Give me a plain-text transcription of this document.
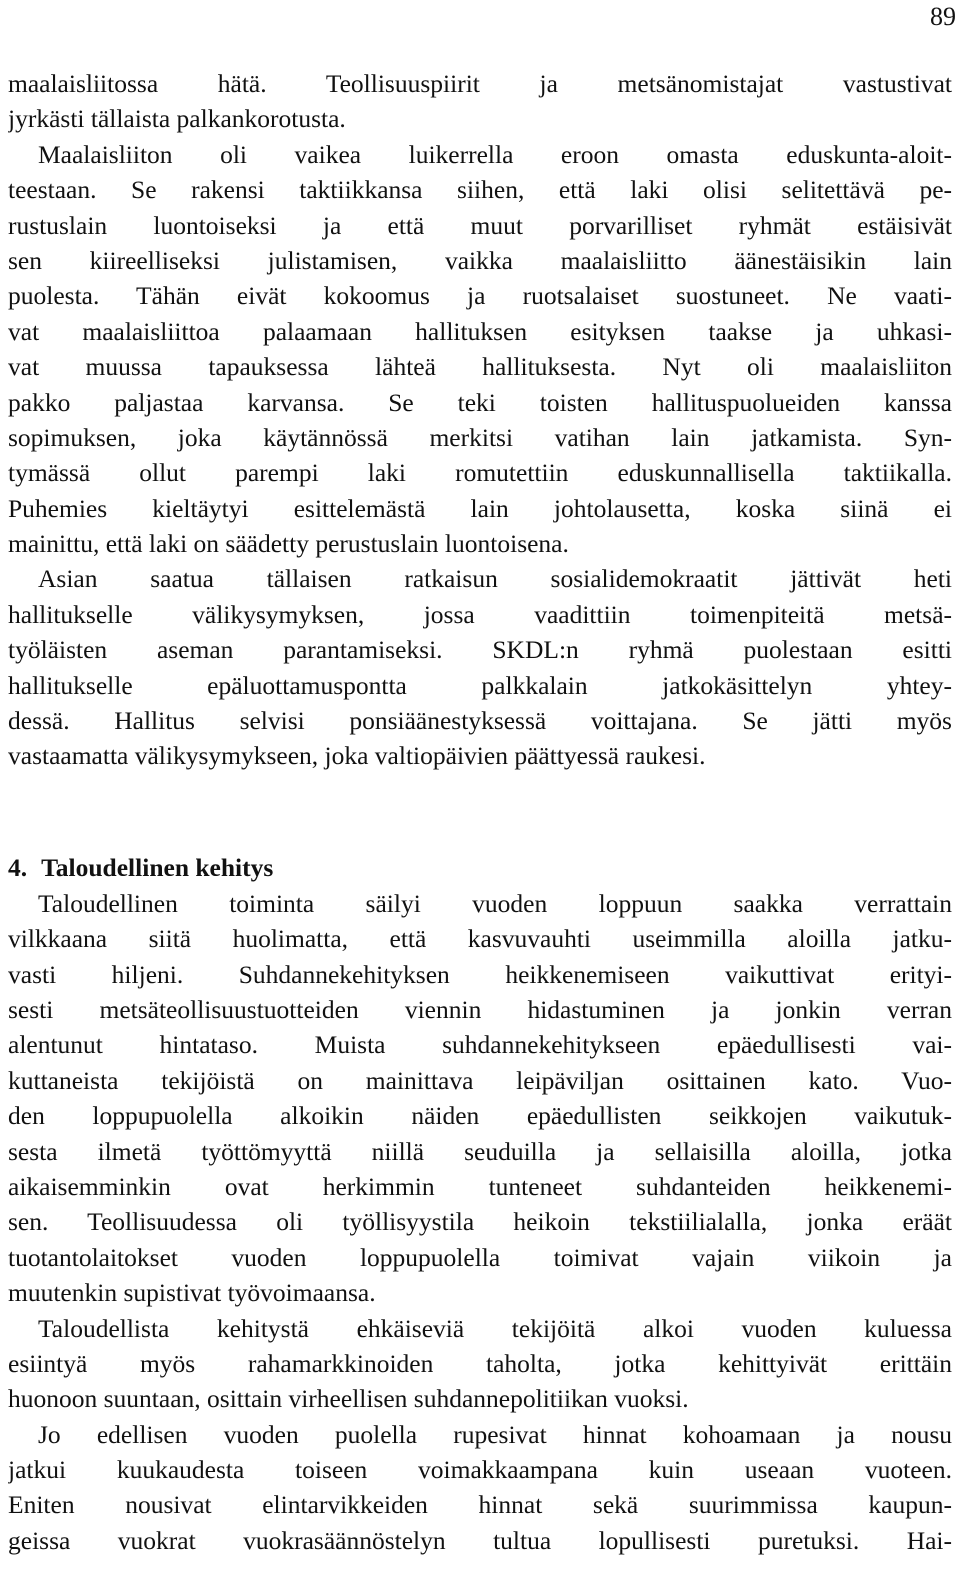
89
maalaisliitossa hätä. Teollisuuspiirit ja metsänomistajat vastustivat
jyrkästi tällaista palkankorotusta.
Maalaisliiton oli vaikea luikerrella eroon omasta eduskunta-aloit-
teestaan. Se rakensi taktiikkansa siihen, että laki olisi selitettävä pe-
rustuslain luontoiseksi ja että muut porvarilliset ryhmät estäisivät
sen kiireelliseksi julistamisen, vaikka maalaisliitto äänestäisikin lain
puolesta. Tähän eivät kokoomus ja ruotsalaiset suostuneet. Ne vaati-
vat maalaisliittoa palaamaan hallituksen esityksen taakse ja uhkasi-
vat muussa tapauksessa lähteä hallituksesta. Nyt oli maalaisliiton
pakko paljastaa karvansa. Se teki toisten hallituspuolueiden kanssa
sopimuksen, joka käytännössä merkitsi vatihan lain jatkamista. Syn-
tymässä ollut parempi laki romutettiin eduskunnallisella taktiikalla.
Puhemies kieltäytyi esittelemästä lain johtolausetta, koska siinä ei
mainittu, että laki on säädetty perustuslain luontoisena.
Asian saatua tällaisen ratkaisun sosialidemokraatit jättivät heti
hallitukselle välikysymyksen, jossa vaadittiin toimenpiteitä metsä-
työläisten aseman parantamiseksi. SKDL:n ryhmä puolestaan esitti
hallitukselle epäluottamuspontta palkkalain jatkokäsittelyn yhtey-
dessä. Hallitus selvisi ponsiäänestyksessä voittajana. Se jätti myös
vastaamatta välikysymykseen, joka valtiopäivien päättyessä raukesi.
4. Taloudellinen kehitys
Taloudellinen toiminta säilyi vuoden loppuun saakka verrattain
vilkkaana siitä huolimatta, että kasvuvauhti useimmilla aloilla jatku-
vasti hiljeni. Suhdannekehityksen heikkenemiseen vaikuttivat erityi-
sesti metsäteollisuustuotteiden viennin hidastuminen ja jonkin verran
alentunut hintataso. Muista suhdannekehitykseen epäedullisesti vai-
kuttaneista tekijöistä on mainittava leipäviljan osittainen kato. Vuo-
den loppupuolella alkoikin näiden epäedullisten seikkojen vaikutuk-
sesta ilmetä työttömyyttä niillä seuduilla ja sellaisilla aloilla, jotka
aikaisemminkin ovat herkimmin tunteneet suhdanteiden heikkenemi-
sen. Teollisuudessa oli työllisyystila heikoin tekstiilialalla, jonka eräät
tuotantolaitokset vuoden loppupuolella toimivat vajain viikoin ja
muutenkin supistivat työvoimaansa.
Taloudellista kehitystä ehkäiseviä tekijöitä alkoi vuoden kuluessa
esiintyä myös rahamarkkinoiden taholta, jotka kehittyivät erittäin
huonoon suuntaan, osittain virheellisen suhdannepolitiikan vuoksi.
Jo edellisen vuoden puolella rupesivat hinnat kohoamaan ja nousu
jatkui kuukaudesta toiseen voimakkaampana kuin useaan vuoteen.
Eniten nousivat elintarvikkeiden hinnat sekä suurimmissa kaupun-
geissa vuokrat vuokrasäännöstelyn tultua lopullisesti puretuksi. Hai-
